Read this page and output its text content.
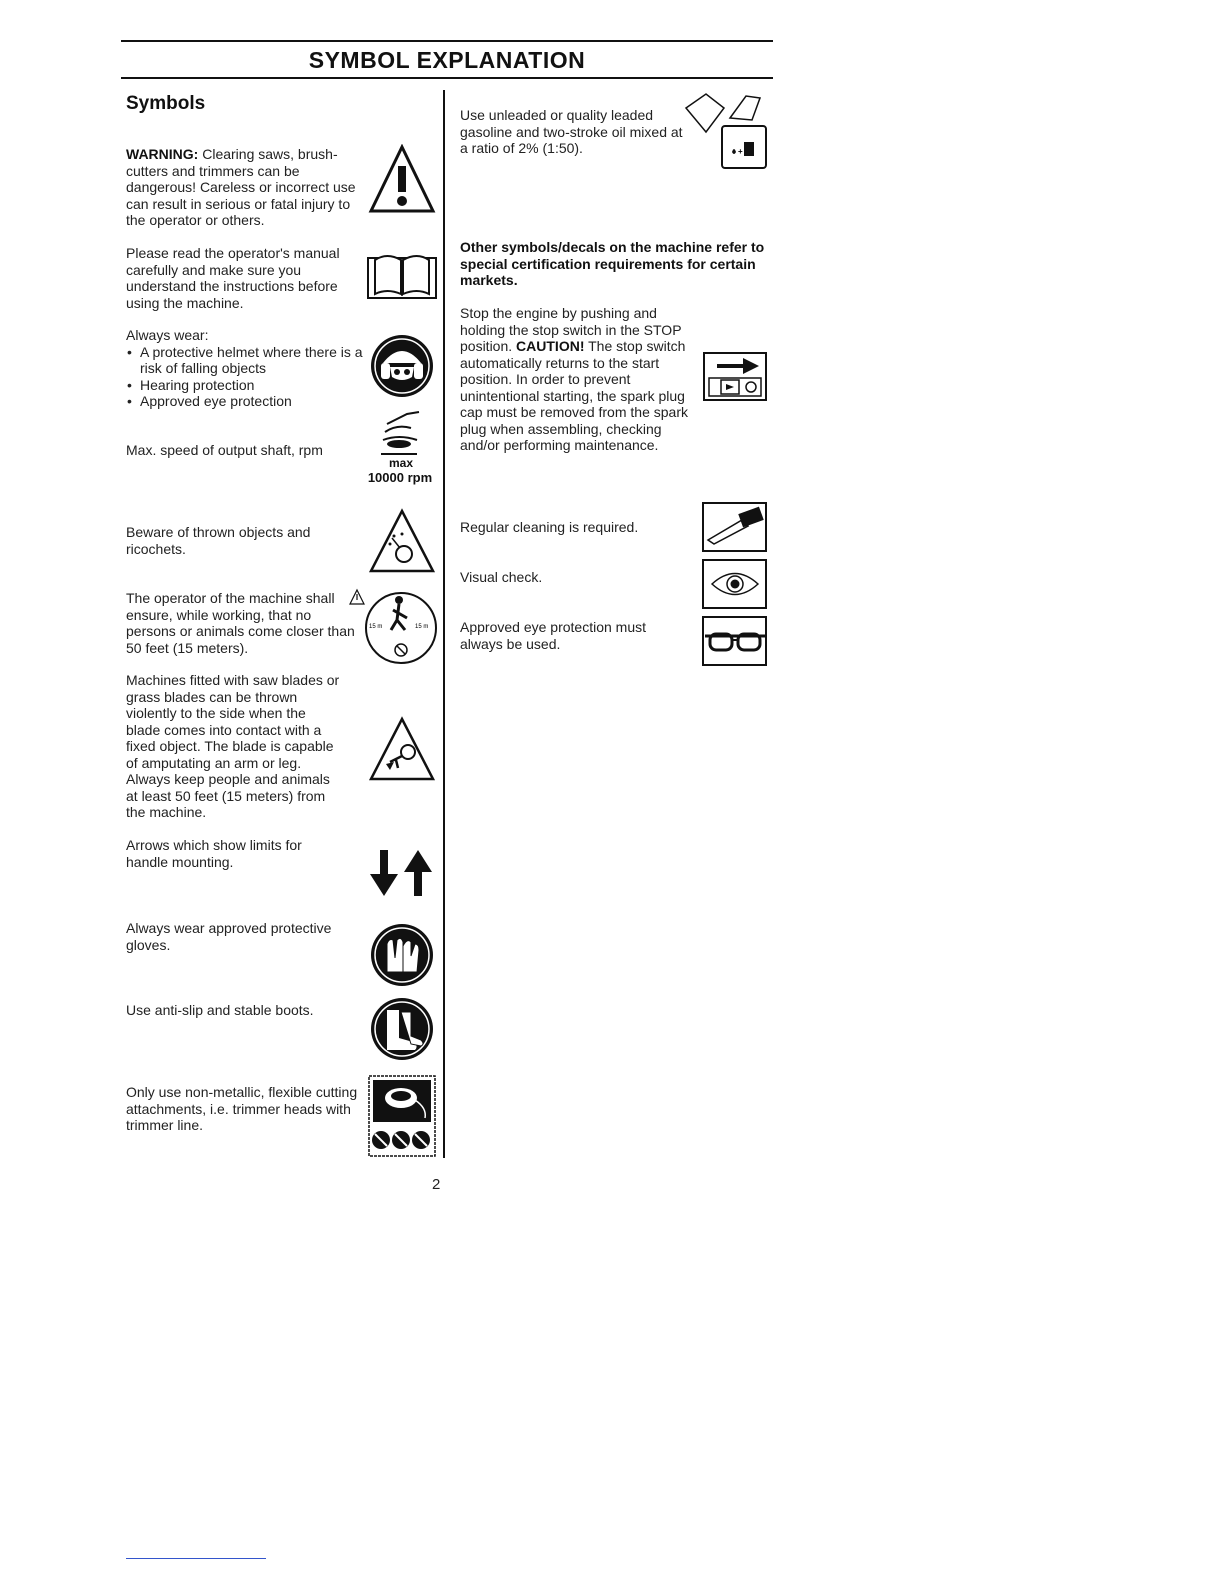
SYMBOL EXPLANATION
Symbols
WARNING: Clearing saws, brush-cutters and trimmers can be dangerous! Careless or incorrect use can result in serious or fatal injury to the operator or others.
Please read the operator's manual carefully and make sure you understand the instructions before using the machine.
Always wear:
• A protective helmet where there is a risk of falling objects
• Hearing protection
• Approved eye protection
Max. speed of output shaft, rpm
max
10000 rpm
Beware of thrown objects and ricochets.
The operator of the machine shall ensure, while working, that no persons or animals come closer than 50 feet (15 meters).
15 m	15 m
Machines fitted with saw blades or grass blades can be thrown violently to the side when the blade comes into contact with a fixed object. The blade is capable of amputating an arm or leg. Always keep people and animals at least 50 feet (15 meters) from the machine.
Arrows which show limits for handle mounting.
Always wear approved protective gloves.
Use anti-slip and stable boots.
Only use non-metallic, flexible cutting attachments, i.e. trimmer heads with trimmer line.
Use unleaded or quality leaded gasoline and two-stroke oil mixed at a ratio of 2% (1:50).	+
Other symbols/decals on the machine refer to special certification requirements for certain markets.
Stop the engine by pushing and holding the stop switch in the STOP position. CAUTION! The stop switch automatically returns to the start position. In order to prevent unintentional starting, the spark plug cap must be removed from the spark plug when assembling, checking and/or performing maintenance.
Regular cleaning is required.
Visual check.
Approved eye protection must always be used.
2
